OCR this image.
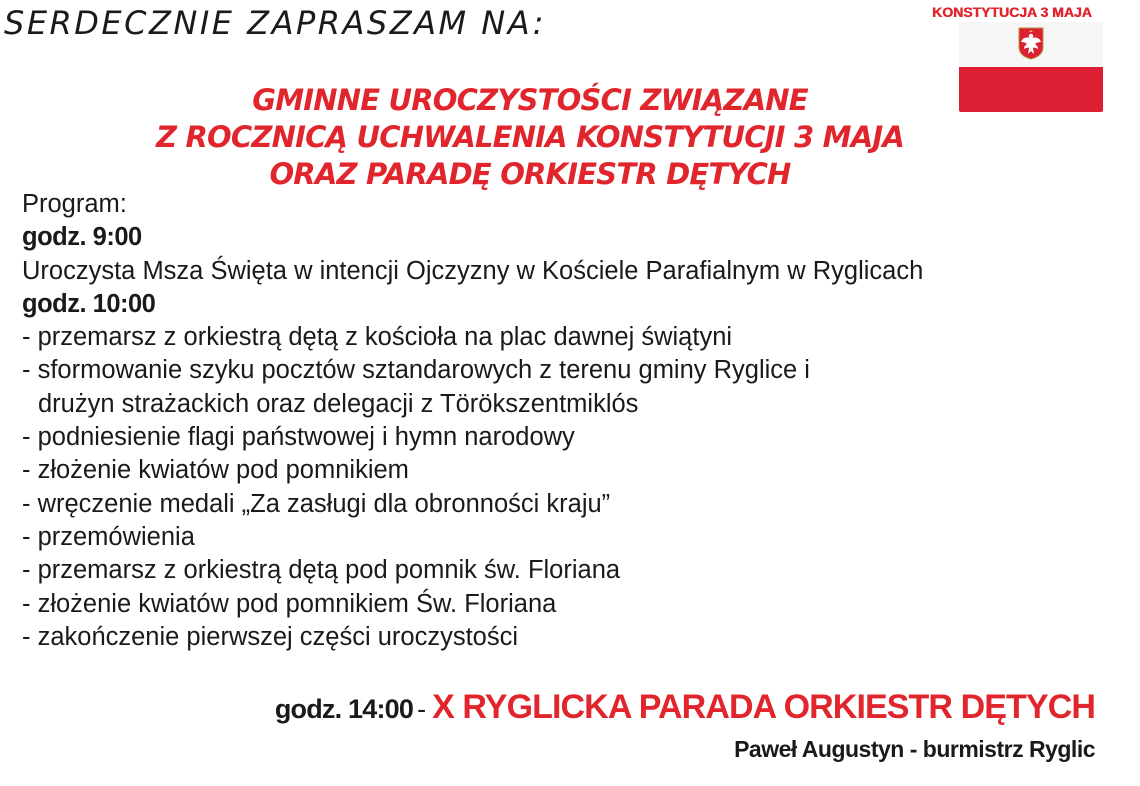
SERDECZNIE ZAPRASZAM NA:	KONSTYTUCJA 3 MAJA
GMINNE UROCZYSTOŚCI ZWIĄZANE
Z ROCZNICĄ UCHWALENIA KONSTYTUCJI 3 MAJA
ORAZ PARADĘ ORKIESTR DĘTYCH
Program:
godz. 9:00
Uroczysta Msza Święta w intencji Ojczyzny w Kościele Parafialnym w Ryglicach
godz. 10:00
- przemarsz z orkiestrą dętą z kościoła na plac dawnej świątyni
- sformowanie szyku pocztów sztandarowych z terenu gminy Ryglice i
drużyn strażackich oraz delegacji z Törökszentmiklós
- podniesienie flagi państwowej i hymn narodowy
- złożenie kwiatów pod pomnikiem
- wręczenie medali „Za zasługi dla obronności kraju”
- przemówienia
- przemarsz z orkiestrą dętą pod pomnik św. Floriana
- złożenie kwiatów pod pomnikiem Św. Floriana
- zakończenie pierwszej części uroczystości
godz. 14:00 - X RYGLICKA PARADA ORKIESTR DĘTYCH
Paweł Augustyn - burmistrz Ryglic
